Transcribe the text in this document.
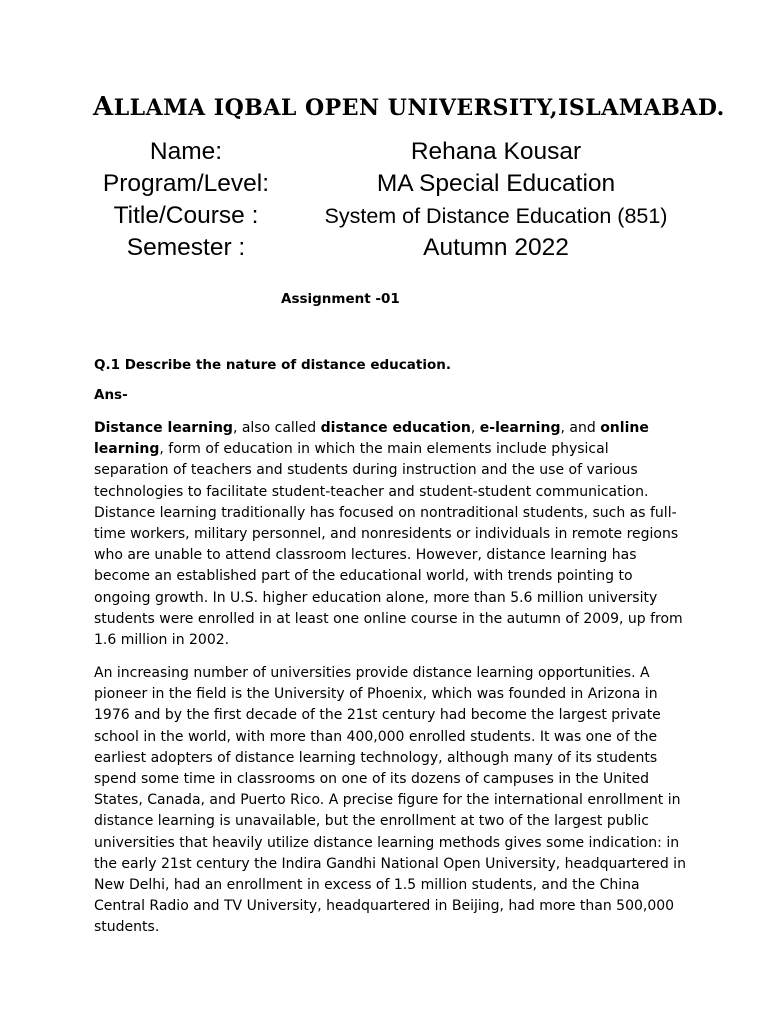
ALLAMA IQBAL OPEN UNIVERSITY,ISLAMABAD.
Name:	Rehana Kousar
Program/Level:	MA Special Education
Title/Course :	System of Distance Education (851)
Semester :	Autumn 2022
Assignment -01
Q.1 Describe the nature of distance education.
Ans-

Distance learning, also called distance education, e-learning, and online learning, form of education in which the main elements include physical separation of teachers and students during instruction and the use of various technologies to facilitate student-teacher and student-student communication. Distance learning traditionally has focused on nontraditional students, such as full-time workers, military personnel, and nonresidents or individuals in remote regions who are unable to attend classroom lectures. However, distance learning has become an established part of the educational world, with trends pointing to ongoing growth. In U.S. higher education alone, more than 5.6 million university students were enrolled in at least one online course in the autumn of 2009, up from 1.6 million in 2002.

An increasing number of universities provide distance learning opportunities. A pioneer in the field is the University of Phoenix, which was founded in Arizona in 1976 and by the first decade of the 21st century had become the largest private school in the world, with more than 400,000 enrolled students. It was one of the earliest adopters of distance learning technology, although many of its students spend some time in classrooms on one of its dozens of campuses in the United States, Canada, and Puerto Rico. A precise figure for the international enrollment in distance learning is unavailable, but the enrollment at two of the largest public universities that heavily utilize distance learning methods gives some indication: in the early 21st century the Indira Gandhi National Open University, headquartered in New Delhi, had an enrollment in excess of 1.5 million students, and the China Central Radio and TV University, headquartered in Beijing, had more than 500,000 students.
